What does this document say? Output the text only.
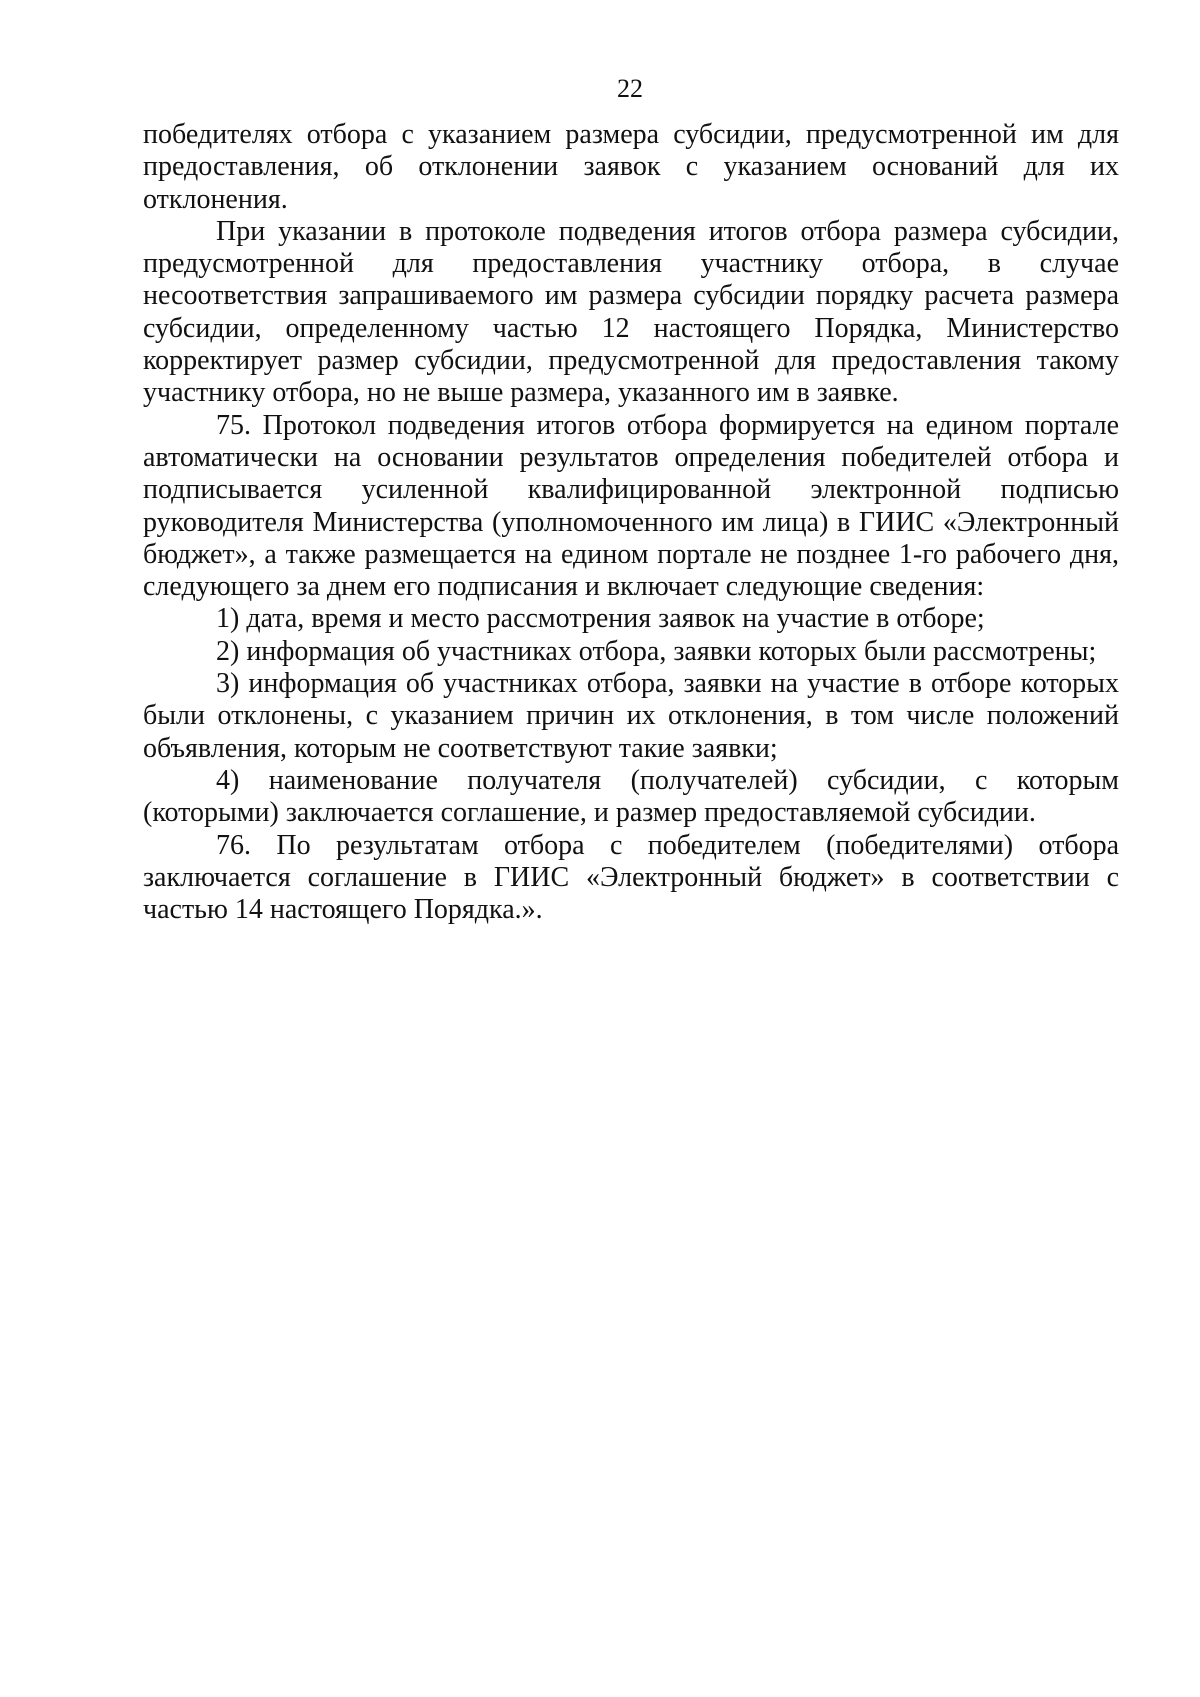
22

победителях отбора с указанием размера субсидии, предусмотренной им для предоставления, об отклонении заявок с указанием оснований для их отклонения.

При указании в протоколе подведения итогов отбора размера субсидии, предусмотренной для предоставления участнику отбора, в случае несоответствия запрашиваемого им размера субсидии порядку расчета размера субсидии, определенному частью 12 настоящего Порядка, Министерство корректирует размер субсидии, предусмотренной для предоставления такому участнику отбора, но не выше размера, указанного им в заявке.

75. Протокол подведения итогов отбора формируется на едином портале автоматически на основании результатов определения победителей отбора и подписывается усиленной квалифицированной электронной подписью руководителя Министерства (уполномоченного им лица) в ГИИС «Электронный бюджет», а также размещается на едином портале не позднее 1-го рабочего дня, следующего за днем его подписания и включает следующие сведения:

1) дата, время и место рассмотрения заявок на участие в отборе;

2) информация об участниках отбора, заявки которых были рассмотрены;

3) информация об участниках отбора, заявки на участие в отборе которых были отклонены, с указанием причин их отклонения, в том числе положений объявления, которым не соответствуют такие заявки;

4) наименование получателя (получателей) субсидии, с которым (которыми) заключается соглашение, и размер предоставляемой субсидии.

76. По результатам отбора с победителем (победителями) отбора заключается соглашение в ГИИС «Электронный бюджет» в соответствии с частью 14 настоящего Порядка.».
